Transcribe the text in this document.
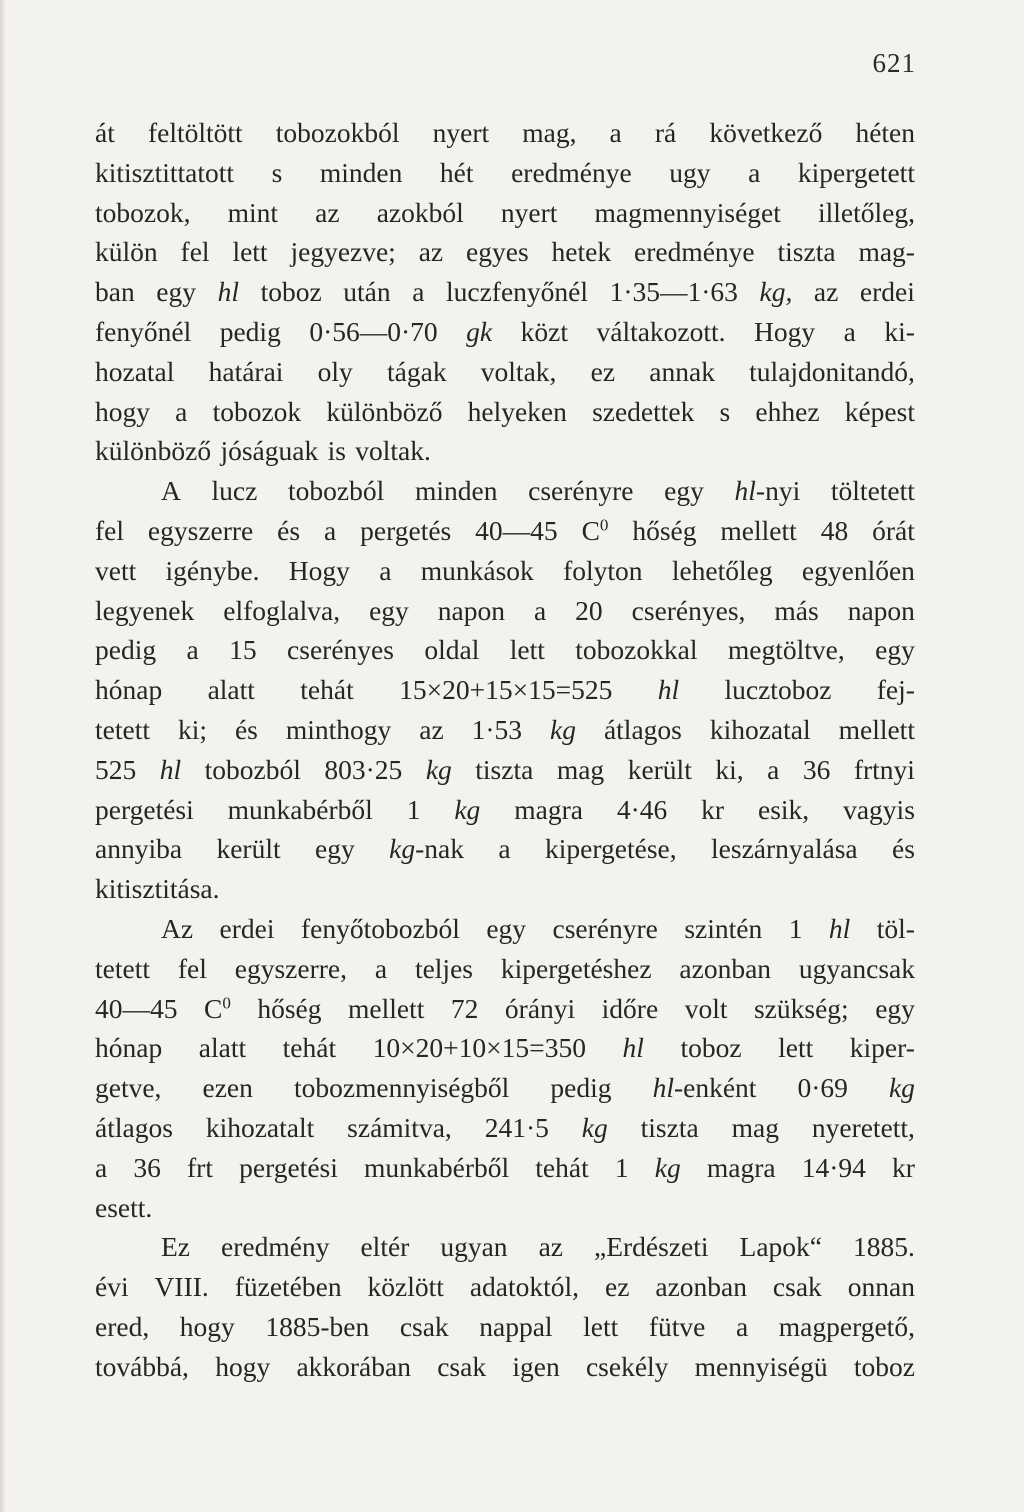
621
át feltöltött tobozokból nyert mag, a rá következő héten
kitisztittatott s minden hét eredménye ugy a kipergetett
tobozok, mint az azokból nyert magmennyiséget illetőleg,
külön fel lett jegyezve; az egyes hetek eredménye tiszta mag-
ban egy hl toboz után a luczfenyőnél 1·35—1·63 kg, az erdei
fenyőnél pedig 0·56—0·70 gk közt váltakozott. Hogy a ki-
hozatal határai oly tágak voltak, ez annak tulajdonitandó,
hogy a tobozok különböző helyeken szedettek s ehhez képest
különböző jóságuak is voltak.
A lucz tobozból minden cserényre egy hl-nyi töltetett
fel egyszerre és a pergetés 40—45 $C^0$ hőség mellett 48 órát
vett igénybe. Hogy a munkások folyton lehetőleg egyenlően
legyenek elfoglalva, egy napon a 20 cserényes, más napon
pedig a 15 cserényes oldal lett tobozokkal megtöltve, egy
hónap alatt tehát 15×20+15×15=525 hl lucztoboz fej-
tetett ki; és minthogy az 1·53 kg átlagos kihozatal mellett
525 hl tobozból 803·25 kg tiszta mag került ki, a 36 frtnyi
pergetési munkabérből 1 kg magra 4·46 kr esik, vagyis
annyiba került egy kg-nak a kipergetése, leszárnyalása és
kitisztitása.
Az erdei fenyőtobozból egy cserényre szintén 1 hl töl-
tetett fel egyszerre, a teljes kipergetéshez azonban ugyancsak
40—45 $C^0$ hőség mellett 72 órányi időre volt szükség; egy
hónap alatt tehát 10×20+10×15=350 hl toboz lett kiper-
getve, ezen tobozmennyiségből pedig hl-enként 0·69 kg
átlagos kihozatalt számitva, 241·5 kg tiszta mag nyeretett,
a 36 frt pergetési munkabérből tehát 1 kg magra 14·94 kr
esett.
Ez eredmény eltér ugyan az „Erdészeti Lapok“ 1885.
évi VIII. füzetében közlött adatoktól, ez azonban csak onnan
ered, hogy 1885-ben csak nappal lett fütve a magpergető,
továbbá, hogy akkorában csak igen csekély mennyiségü toboz
